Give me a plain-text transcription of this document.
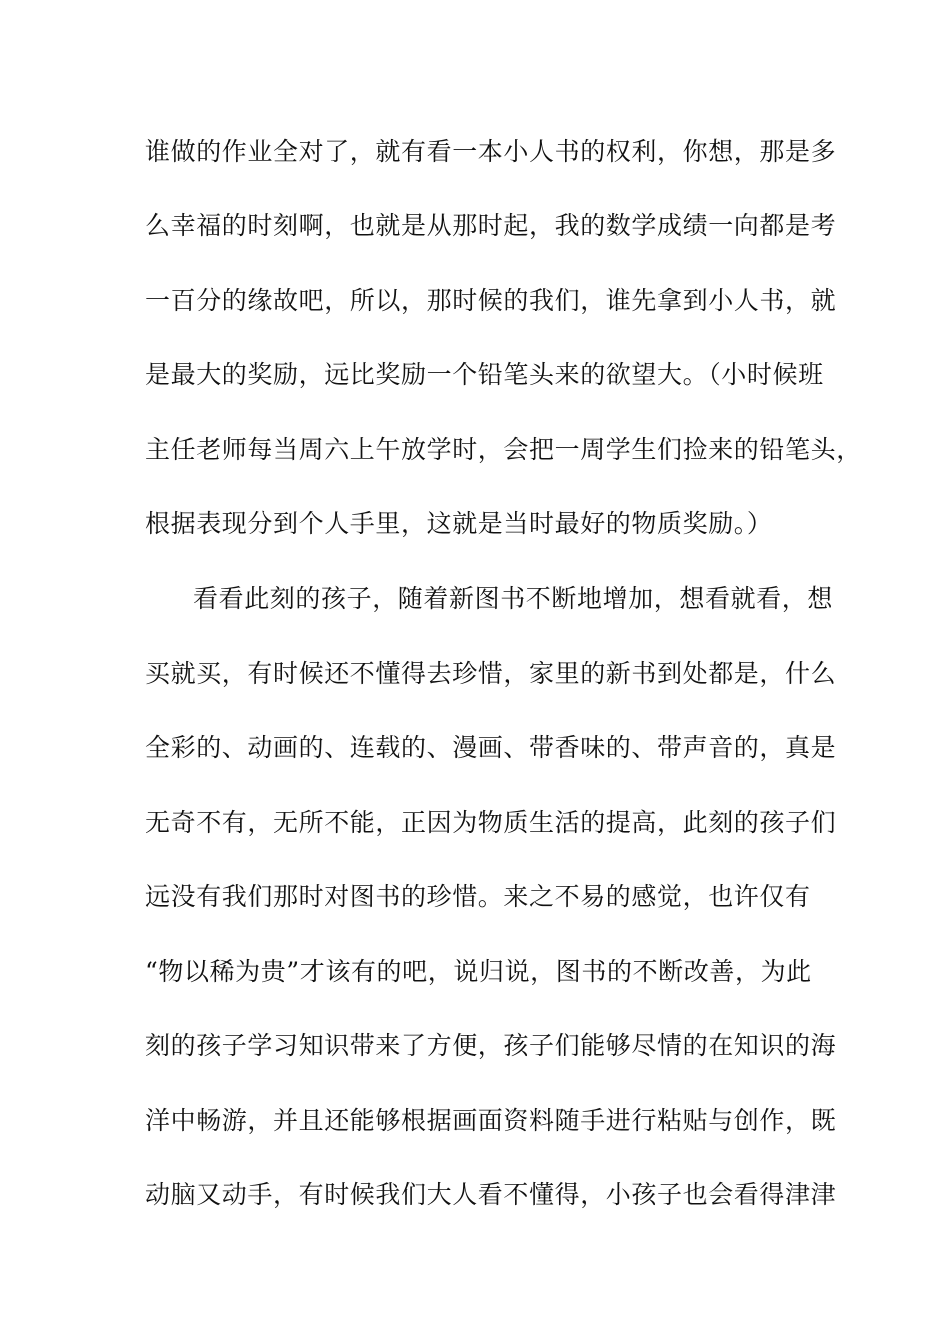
谁做的作业全对了，就有看一本小人书的权利，你想，那是多
么幸福的时刻啊，也就是从那时起，我的数学成绩一向都是考
一百分的缘故吧，所以，那时候的我们，谁先拿到小人书，就
是最大的奖励，远比奖励一个铅笔头来的欲望大。（小时候班
主任老师每当周六上午放学时，会把一周学生们捡来的铅笔头，
根据表现分到个人手里，这就是当时最好的物质奖励。）
看看此刻的孩子，随着新图书不断地增加，想看就看，想
买就买，有时候还不懂得去珍惜，家里的新书到处都是，什么
全彩的、动画的、连载的、漫画、带香味的、带声音的，真是
无奇不有，无所不能，正因为物质生活的提高，此刻的孩子们
远没有我们那时对图书的珍惜。来之不易的感觉，也许仅有
“物以稀为贵”才该有的吧，说归说，图书的不断改善，为此
刻的孩子学习知识带来了方便，孩子们能够尽情的在知识的海
洋中畅游，并且还能够根据画面资料随手进行粘贴与创作，既
动脑又动手，有时候我们大人看不懂得，小孩子也会看得津津
